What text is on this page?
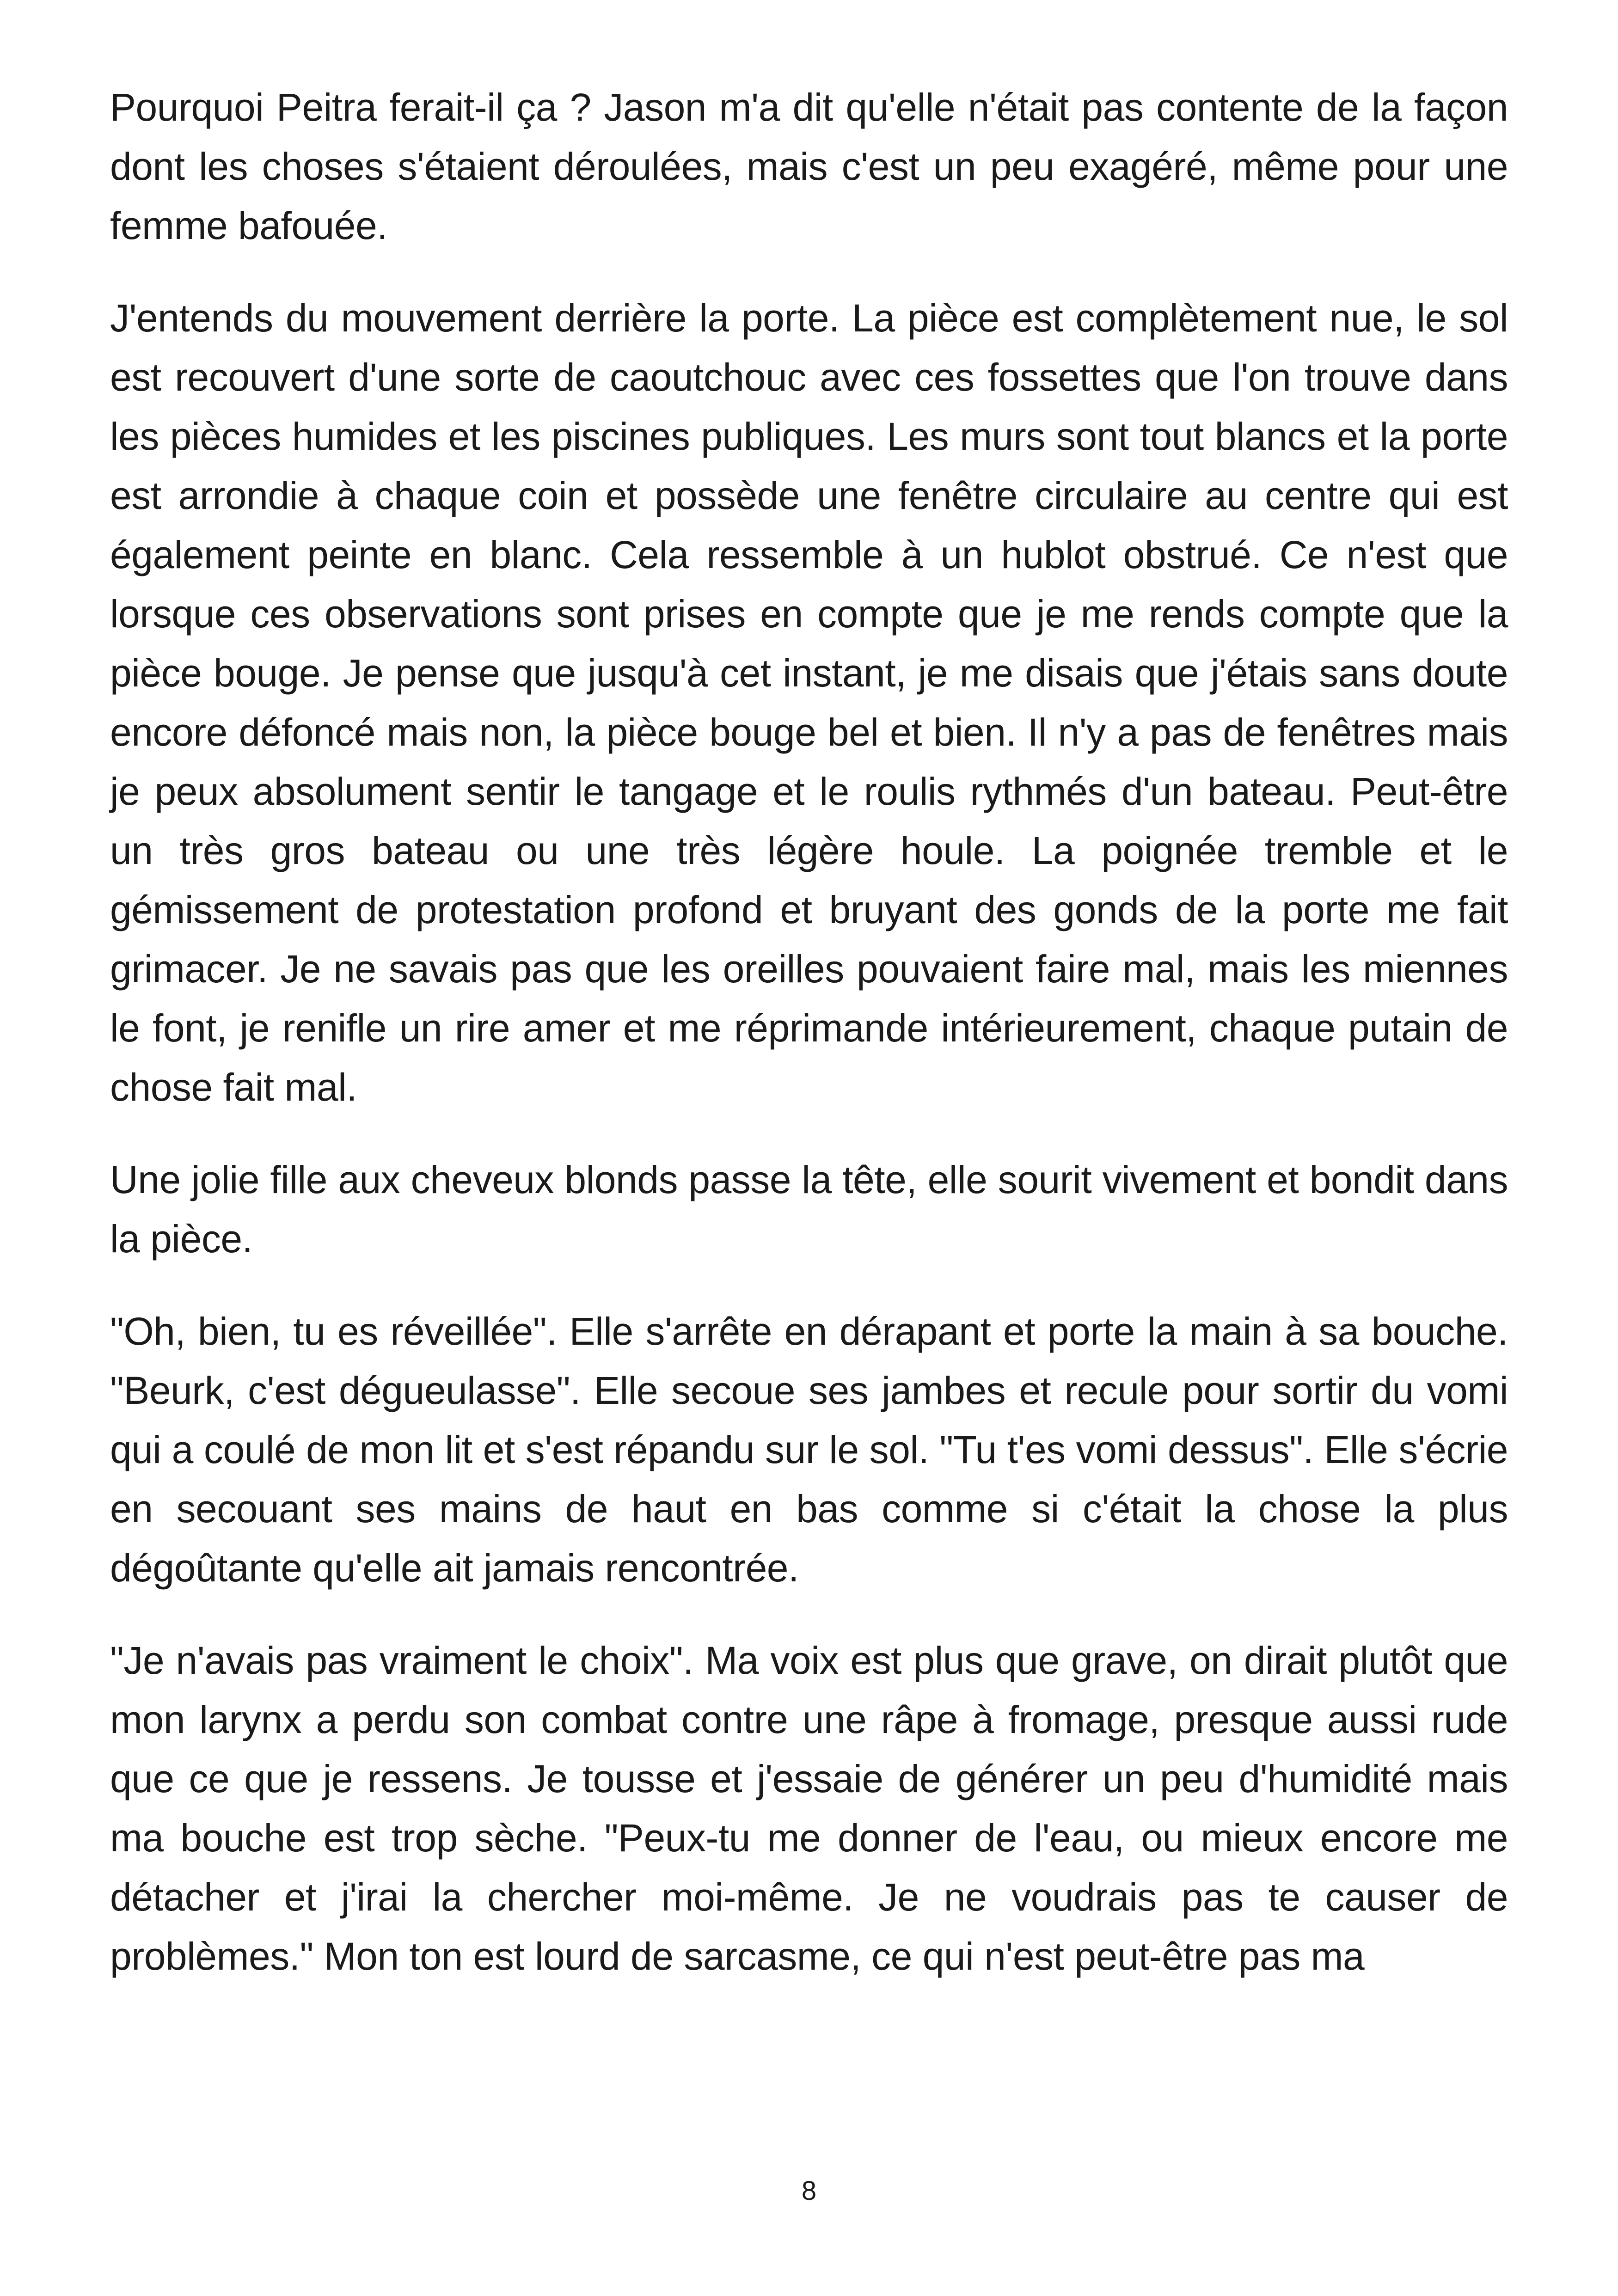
Pourquoi Peitra ferait-il ça ? Jason m'a dit qu'elle n'était pas contente de la façon dont les choses s'étaient déroulées, mais c'est un peu exagéré, même pour une femme bafouée.

J'entends du mouvement derrière la porte. La pièce est complètement nue, le sol est recouvert d'une sorte de caoutchouc avec ces fossettes que l'on trouve dans les pièces humides et les piscines publiques. Les murs sont tout blancs et la porte est arrondie à chaque coin et possède une fenêtre circulaire au centre qui est également peinte en blanc. Cela ressemble à un hublot obstrué. Ce n'est que lorsque ces observations sont prises en compte que je me rends compte que la pièce bouge. Je pense que jusqu'à cet instant, je me disais que j'étais sans doute encore défoncé mais non, la pièce bouge bel et bien. Il n'y a pas de fenêtres mais je peux absolument sentir le tangage et le roulis rythmés d'un bateau. Peut-être un très gros bateau ou une très légère houle. La poignée tremble et le gémissement de protestation profond et bruyant des gonds de la porte me fait grimacer. Je ne savais pas que les oreilles pouvaient faire mal, mais les miennes le font, je renifle un rire amer et me réprimande intérieurement, chaque putain de chose fait mal.

Une jolie fille aux cheveux blonds passe la tête, elle sourit vivement et bondit dans la pièce.

"Oh, bien, tu es réveillée". Elle s'arrête en dérapant et porte la main à sa bouche. "Beurk, c'est dégueulasse". Elle secoue ses jambes et recule pour sortir du vomi qui a coulé de mon lit et s'est répandu sur le sol. "Tu t'es vomi dessus". Elle s'écrie en secouant ses mains de haut en bas comme si c'était la chose la plus dégoûtante qu'elle ait jamais rencontrée.

"Je n'avais pas vraiment le choix". Ma voix est plus que grave, on dirait plutôt que mon larynx a perdu son combat contre une râpe à fromage, presque aussi rude que ce que je ressens. Je tousse et j'essaie de générer un peu d'humidité mais ma bouche est trop sèche. "Peux-tu me donner de l'eau, ou mieux encore me détacher et j'irai la chercher moi-même. Je ne voudrais pas te causer de problèmes." Mon ton est lourd de sarcasme, ce qui n'est peut-être pas ma

8
